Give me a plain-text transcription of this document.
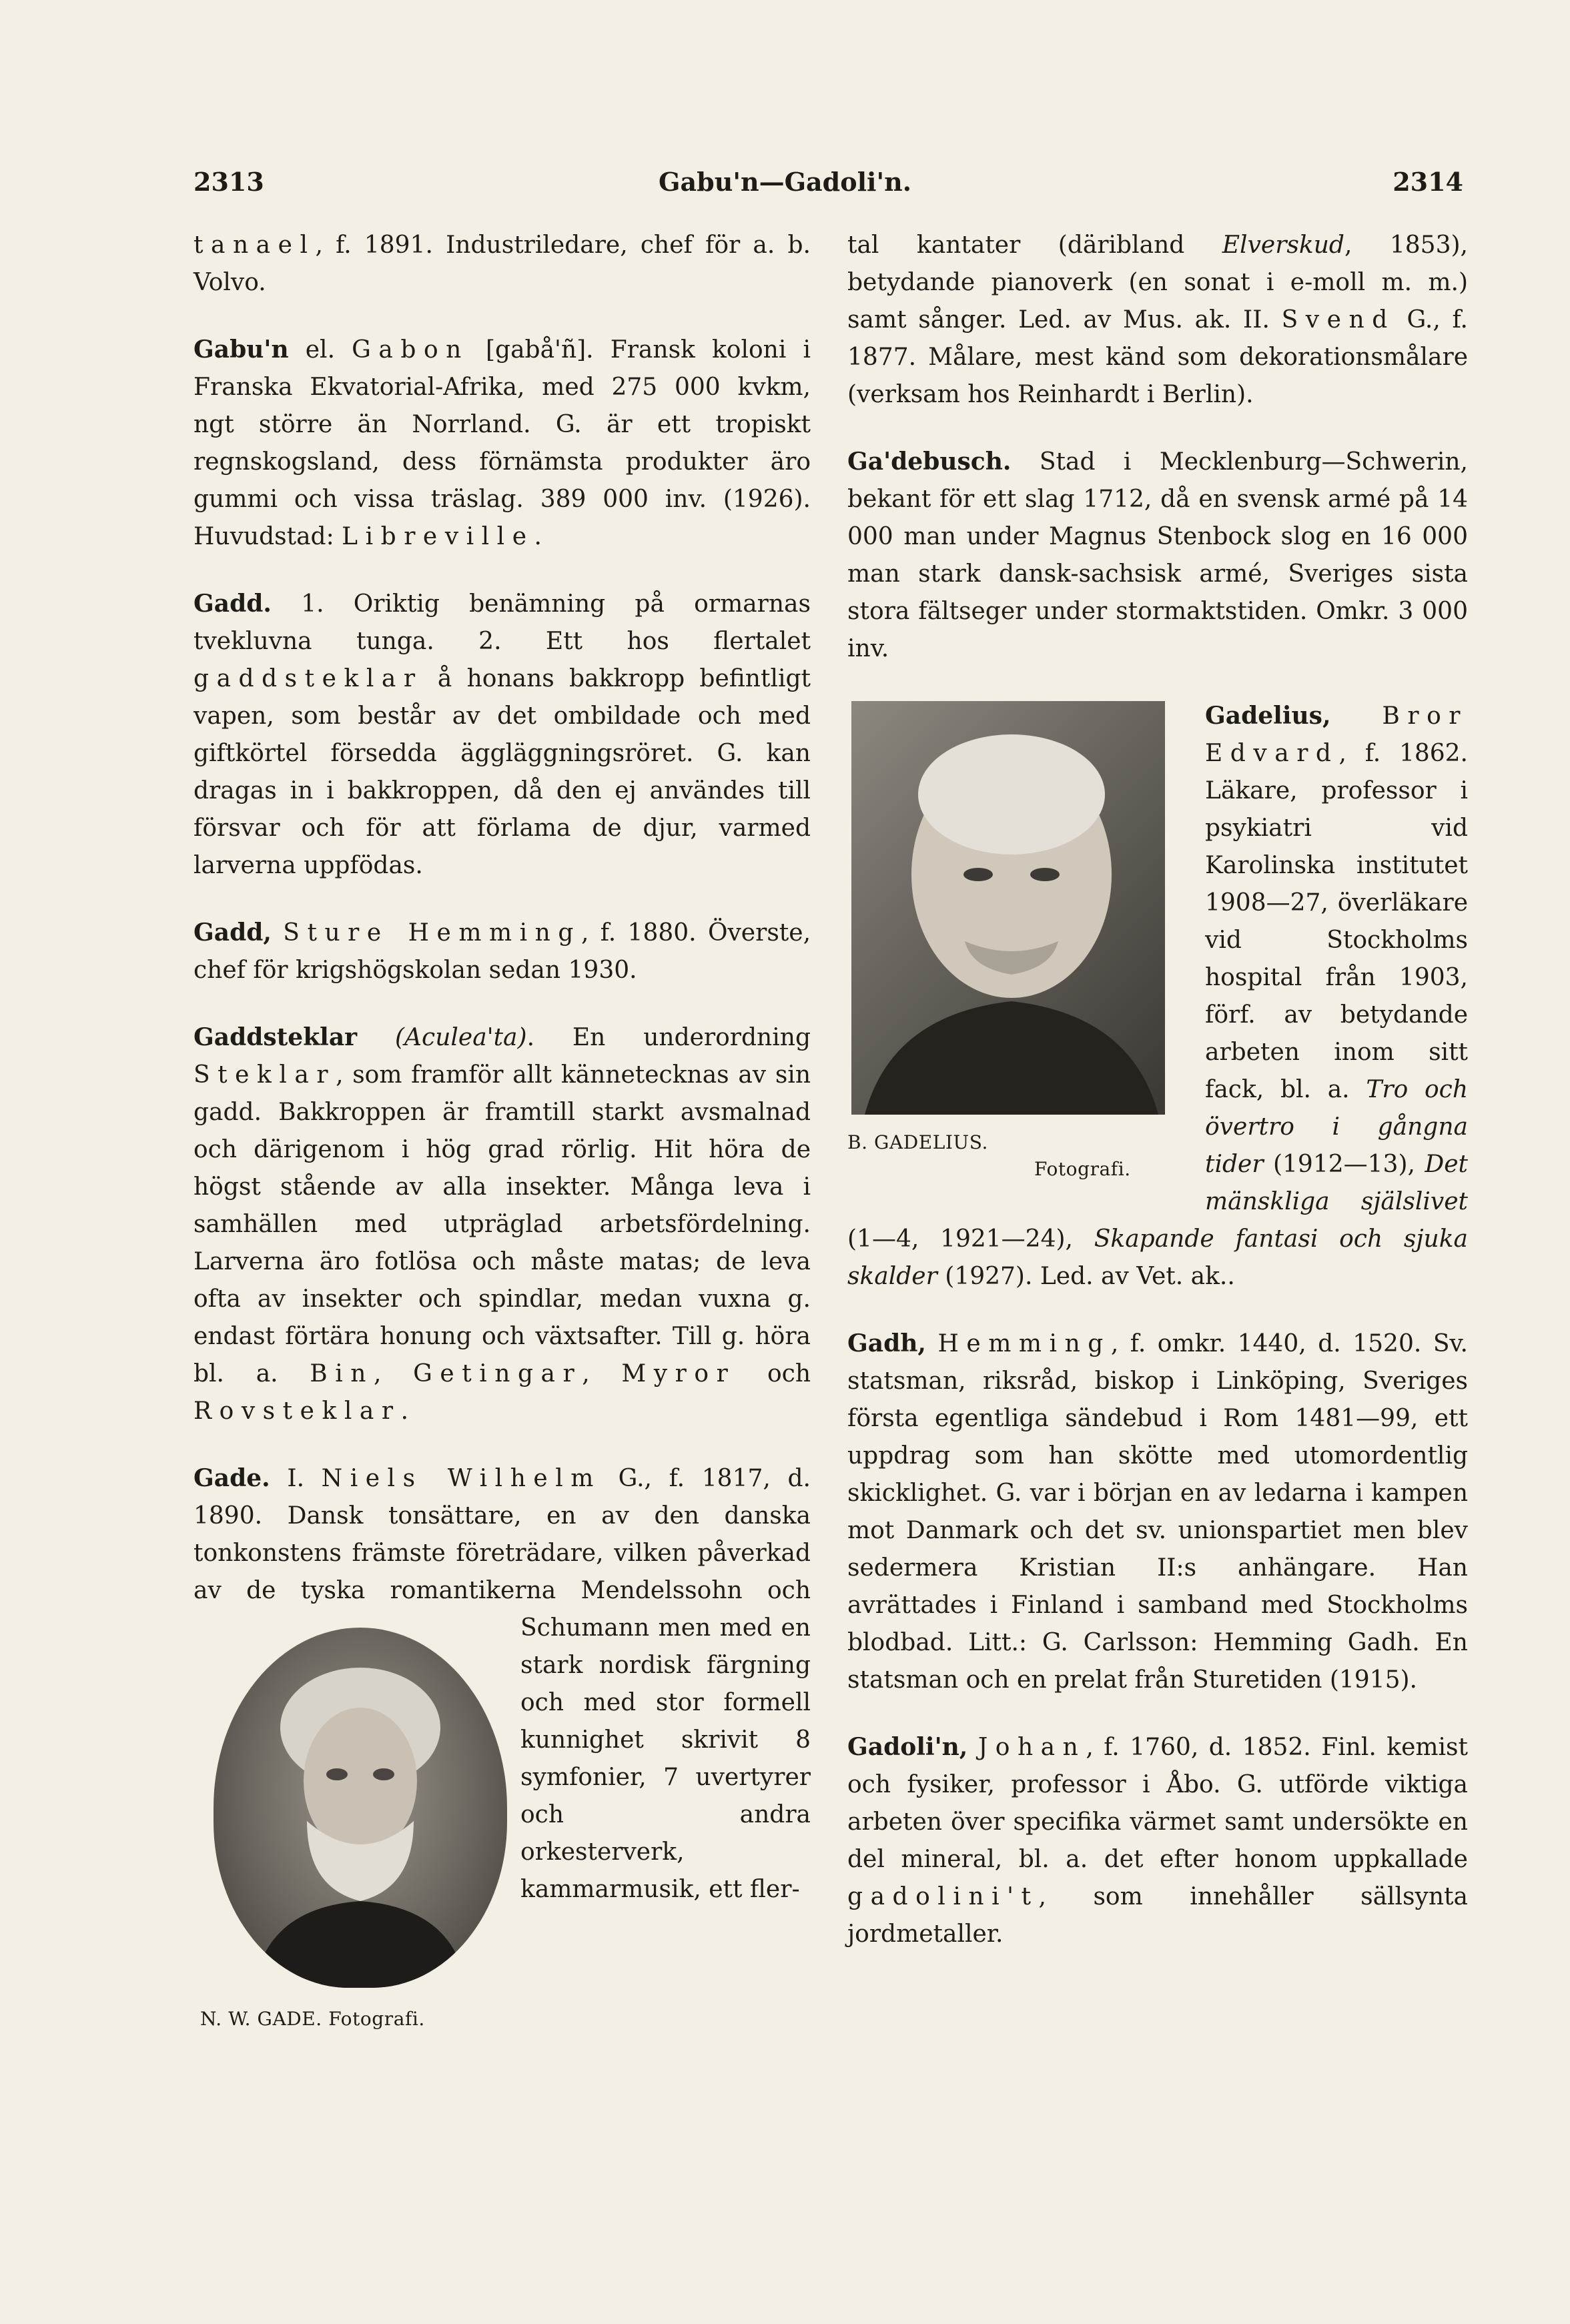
2313	Gabu'n—Gadoli'n.	2314

tanael, f. 1891. Industriledare, chef för a. b. Volvo.

Gabu'n el. Gabon [gabå'ñ]. Fransk koloni i Franska Ekvatorial-Afrika, med 275 000 kvkm, ngt större än Norrland. G. är ett tropiskt regnskogsland, dess förnämsta produkter äro gummi och vissa träslag. 389 000 inv. (1926). Huvudstad: Libreville.

Gadd. 1. Oriktig benämning på ormarnas tvekluvna tunga. 2. Ett hos flertalet gaddsteklar å honans bakkropp befintligt vapen, som består av det ombildade och med giftkörtel försedda äggläggningsröret. G. kan dragas in i bakkroppen, då den ej användes till försvar och för att förlama de djur, varmed larverna uppfödas.

Gadd, Sture Hemming, f. 1880. Överste, chef för krigshögskolan sedan 1930.

Gaddsteklar (Aculea'ta). En underordning Steklar, som framför allt kännetecknas av sin gadd. Bakkroppen är framtill starkt avsmalnad och därigenom i hög grad rörlig. Hit höra de högst stående av alla insekter. Många leva i samhällen med utpräglad arbetsfördelning. Larverna äro fotlösa och måste matas; de leva ofta av insekter och spindlar, medan vuxna g. endast förtära honung och växtsafter. Till g. höra bl. a. Bin, Getingar, Myror och Rovsteklar.

Gade. I. Niels Wilhelm G., f. 1817, d. 1890. Dansk tonsättare, en av den danska tonkonstens främste företrädare, vilken påverkad av de tyska romantikerna Mendelssohn och Schumann men med en stark nordisk färgning och med stor formell kunnighet skrivit 8 symfonier, 7 uvertyrer och andra orkesterverk, kammarmusik, ett fler-

N. W. GADE. Fotografi.

tal kantater (däribland Elverskud, 1853), betydande pianoverk (en sonat i e-moll m. m.) samt sånger. Led. av Mus. ak. II. Svend G., f. 1877. Målare, mest känd som dekorationsmålare (verksam hos Reinhardt i Berlin).

Ga'debusch. Stad i Mecklenburg—Schwerin, bekant för ett slag 1712, då en svensk armé på 14 000 man under Magnus Stenbock slog en 16 000 man stark dansk-sachsisk armé, Sveriges sista stora fältseger under stormaktstiden. Omkr. 3 000 inv.

B. GADELIUS.
Fotografi.
Gadelius, Bror Edvard, f. 1862. Läkare, professor i psykiatri vid Karolinska institutet 1908—27, överläkare vid Stockholms hospital från 1903, förf. av betydande arbeten inom sitt fack, bl. a. Tro och övertro i gångna tider (1912—13), Det mänskliga själslivet (1—4, 1921—24), Skapande fantasi och sjuka skalder (1927). Led. av Vet. ak..

Gadh, Hemming, f. omkr. 1440, d. 1520. Sv. statsman, riksråd, biskop i Linköping, Sveriges första egentliga sändebud i Rom 1481—99, ett uppdrag som han skötte med utomordentlig skicklighet. G. var i början en av ledarna i kampen mot Danmark och det sv. unionspartiet men blev sedermera Kristian II:s anhängare. Han avrättades i Finland i samband med Stockholms blodbad. Litt.: G. Carlsson: Hemming Gadh. En statsman och en prelat från Sturetiden (1915).

Gadoli'n, Johan, f. 1760, d. 1852. Finl. kemist och fysiker, professor i Åbo. G. utförde viktiga arbeten över specifika värmet samt undersökte en del mineral, bl. a. det efter honom uppkallade gadolini't, som innehåller sällsynta jordmetaller.
